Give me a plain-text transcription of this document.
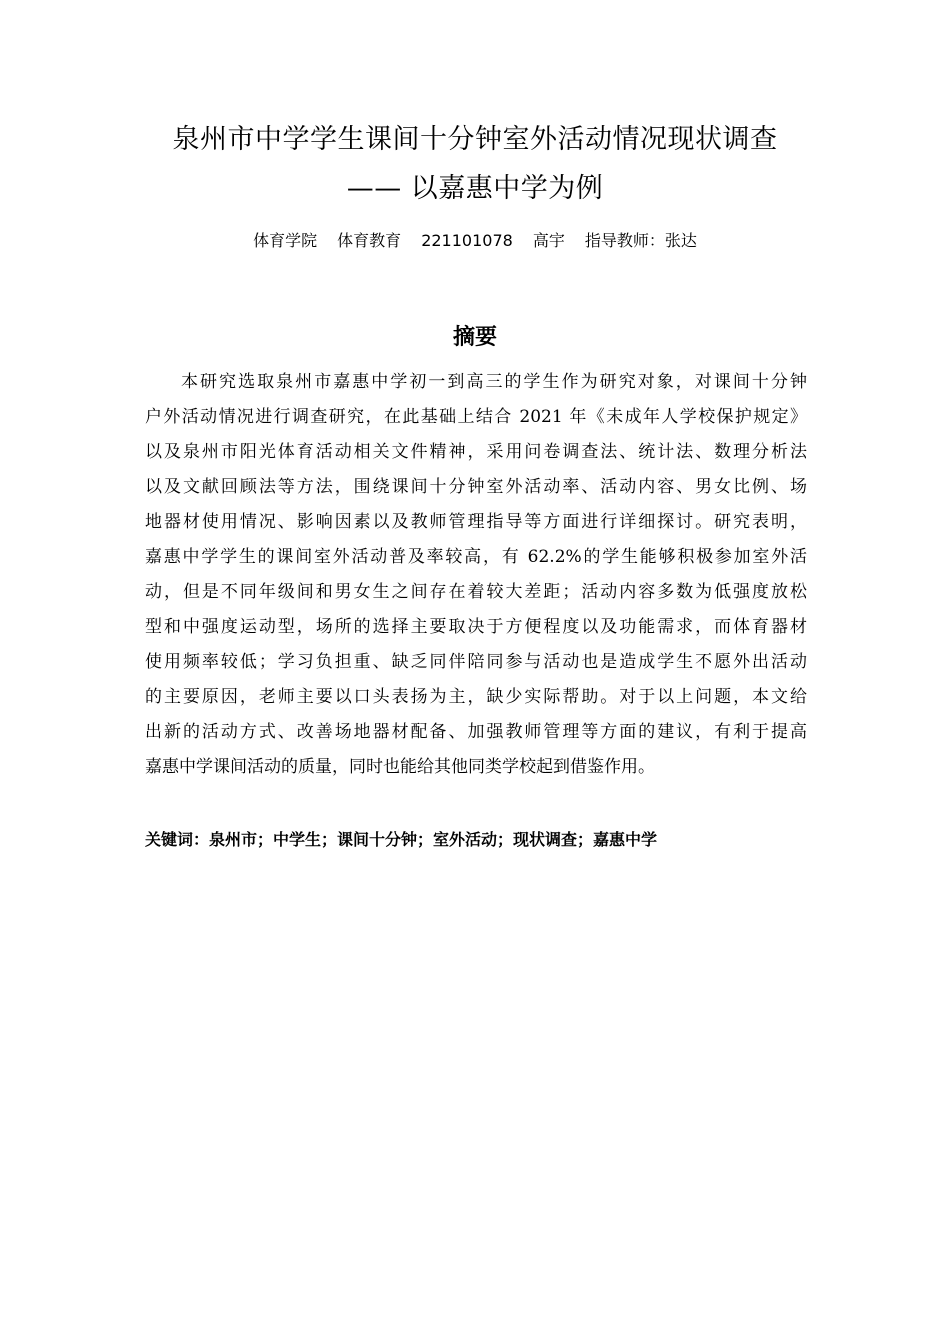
泉州市中学学生课间十分钟室外活动情况现状调查
—— 以嘉惠中学为例
体育学院 体育教育 221101078 高宇 指导教师：张达
摘要

本研究选取泉州市嘉惠中学初一到高三的学生作为研究对象，对课间十分钟
户外活动情况进行调查研究，在此基础上结合 2021 年《未成年人学校保护规定》
以及泉州市阳光体育活动相关文件精神，采用问卷调查法、统计法、数理分析法
以及文献回顾法等方法，围绕课间十分钟室外活动率、活动内容、男女比例、场
地器材使用情况、影响因素以及教师管理指导等方面进行详细探讨。研究表明，
嘉惠中学学生的课间室外活动普及率较高，有 62.2%的学生能够积极参加室外活
动，但是不同年级间和男女生之间存在着较大差距；活动内容多数为低强度放松
型和中强度运动型，场所的选择主要取决于方便程度以及功能需求，而体育器材
使用频率较低；学习负担重、缺乏同伴陪同参与活动也是造成学生不愿外出活动
的主要原因，老师主要以口头表扬为主，缺少实际帮助。对于以上问题，本文给
出新的活动方式、改善场地器材配备、加强教师管理等方面的建议，有利于提高
嘉惠中学课间活动的质量，同时也能给其他同类学校起到借鉴作用。

关键词：泉州市；中学生；课间十分钟；室外活动；现状调查；嘉惠中学
